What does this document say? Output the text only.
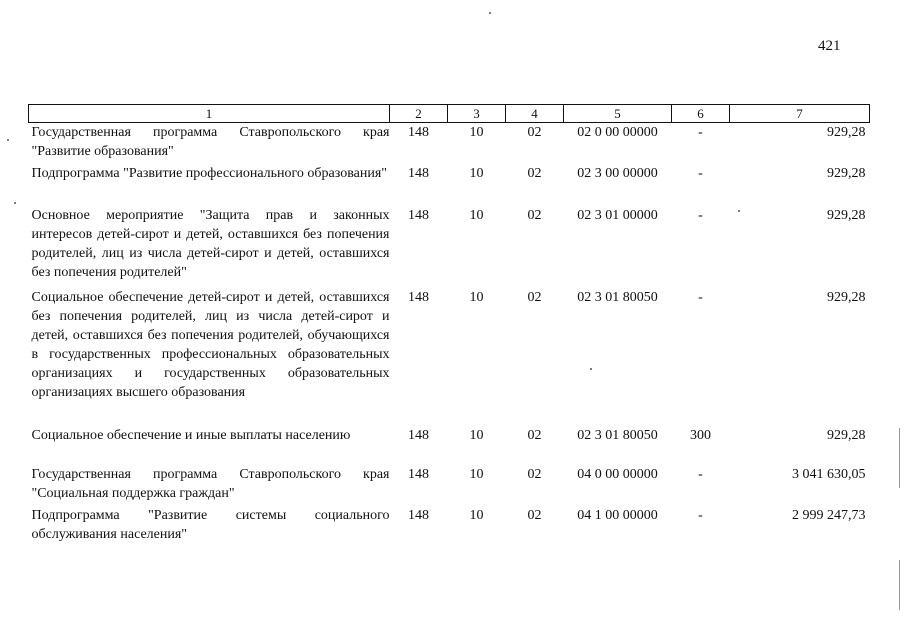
421
1	2	3	4	5	6	7
Государственная программа Ставропольского края "Развитие образования"	148	10	02	02 0 00 00000	-	929,28
Подпрограмма "Развитие профессионального образования"	148	10	02	02 3 00 00000	-	929,28
Основное мероприятие "Защита прав и законных интересов детей-сирот и детей, оставшихся без попечения родителей, лиц из числа детей-сирот и детей, оставшихся без попечения родителей"	148	10	02	02 3 01 00000	-	929,28
Социальное обеспечение детей-сирот и детей, оставшихся без попечения родителей, лиц из числа детей-сирот и детей, оставшихся без попечения родителей, обучающихся в государственных профессиональных образовательных организациях и государственных образовательных организациях высшего образования	148	10	02	02 3 01 80050	-	929,28
Социальное обеспечение и иные выплаты населению	148	10	02	02 3 01 80050	300	929,28
Государственная программа Ставропольского края "Социальная поддержка граждан"	148	10	02	04 0 00 00000	-	3 041 630,05
Подпрограмма "Развитие системы социального обслуживания населения"	148	10	02	04 1 00 00000	-	2 999 247,73
